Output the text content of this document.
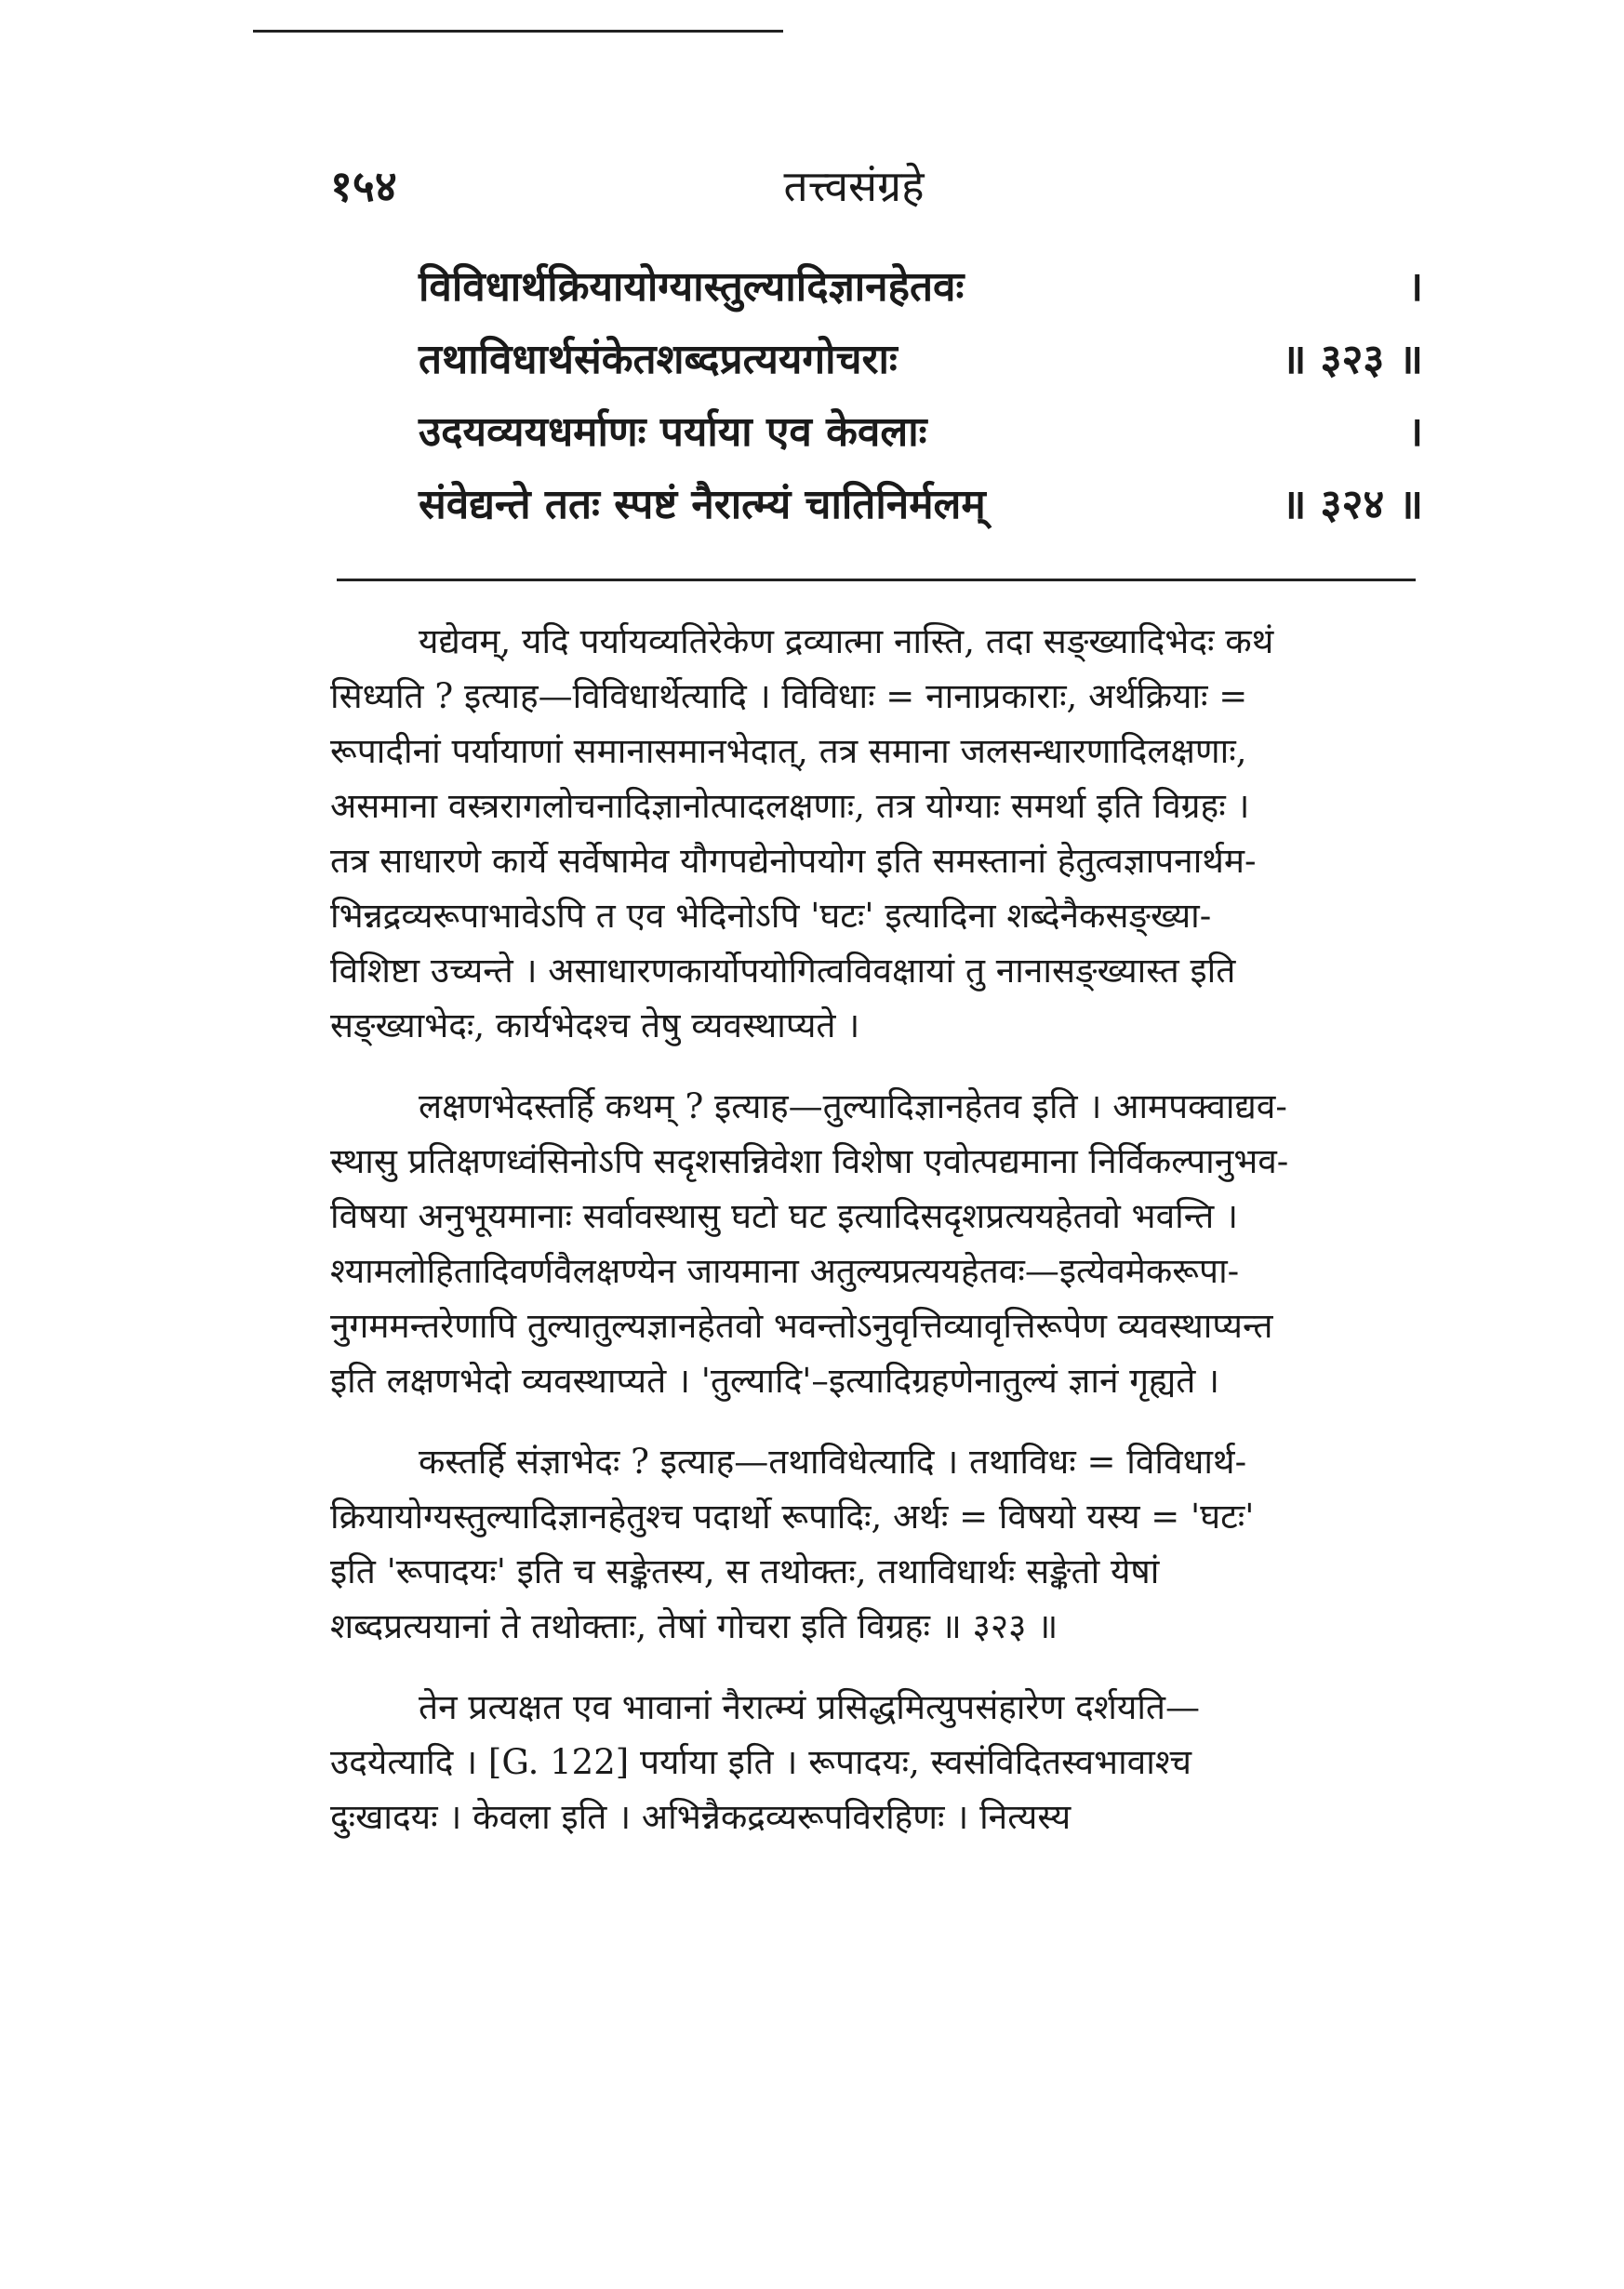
१५४	तत्त्वसंग्रहे
विविधार्थक्रियायोग्यास्तुल्यादिज्ञानहेतवः	।
तथाविधार्थसंकेतशब्दप्रत्ययगोचराः	॥ ३२३ ॥
उदयव्ययधर्माणः पर्याया एव केवलाः	।
संवेद्यन्ते ततः स्पष्टं नैरात्म्यं चातिनिर्मलम्	॥ ३२४ ॥
यद्येवम्, यदि पर्यायव्यतिरेकेण द्रव्यात्मा नास्ति, तदा सङ्ख्यादिभेदः कथं
सिध्यति ? इत्याह—विविधार्थेत्यादि । विविधाः = नानाप्रकाराः, अर्थक्रियाः =
रूपादीनां पर्यायाणां समानासमानभेदात्, तत्र समाना जलसन्धारणादिलक्षणाः,
असमाना वस्त्ररागलोचनादिज्ञानोत्पादलक्षणाः, तत्र योग्याः समर्था इति विग्रहः ।
तत्र साधारणे कार्ये सर्वेषामेव यौगपद्येनोपयोग इति समस्तानां हेतुत्वज्ञापनार्थम-
भिन्नद्रव्यरूपाभावेऽपि त एव भेदिनोऽपि 'घटः' इत्यादिना शब्देनैकसङ्ख्या-
विशिष्टा उच्यन्ते । असाधारणकार्योपयोगित्वविवक्षायां तु नानासङ्ख्यास्त इति
सङ्ख्याभेदः, कार्यभेदश्च तेषु व्यवस्थाप्यते ।
लक्षणभेदस्तर्हि कथम् ? इत्याह—तुल्यादिज्ञानहेतव इति । आमपक्वाद्यव-
स्थासु प्रतिक्षणध्वंसिनोऽपि सदृशसन्निवेशा विशेषा एवोत्पद्यमाना निर्विकल्पानुभव-
विषया अनुभूयमानाः सर्वावस्थासु घटो घट इत्यादिसदृशप्रत्ययहेतवो भवन्ति ।
श्यामलोहितादिवर्णवैलक्षण्येन जायमाना अतुल्यप्रत्ययहेतवः—इत्येवमेकरूपा-
नुगममन्तरेणापि तुल्यातुल्यज्ञानहेतवो भवन्तोऽनुवृत्तिव्यावृत्तिरूपेण व्यवस्थाप्यन्त
इति लक्षणभेदो व्यवस्थाप्यते । 'तुल्यादि'–इत्यादिग्रहणेनातुल्यं ज्ञानं गृह्यते ।
कस्तर्हि संज्ञाभेदः ? इत्याह—तथाविधेत्यादि । तथाविधः = विविधार्थ-
क्रियायोग्यस्तुल्यादिज्ञानहेतुश्च पदार्थो रूपादिः, अर्थः = विषयो यस्य = 'घटः'
इति 'रूपादयः' इति च सङ्केतस्य, स तथोक्तः, तथाविधार्थः सङ्केतो येषां
शब्दप्रत्ययानां ते तथोक्ताः, तेषां गोचरा इति विग्रहः ॥ ३२३ ॥
तेन प्रत्यक्षत एव भावानां नैरात्म्यं प्रसिद्धमित्युपसंहारेण दर्शयति—
उदयेत्यादि । [G. 122] पर्याया इति । रूपादयः, स्वसंविदितस्वभावाश्च
दुःखादयः । केवला इति । अभिन्नैकद्रव्यरूपविरहिणः । नित्यस्य
